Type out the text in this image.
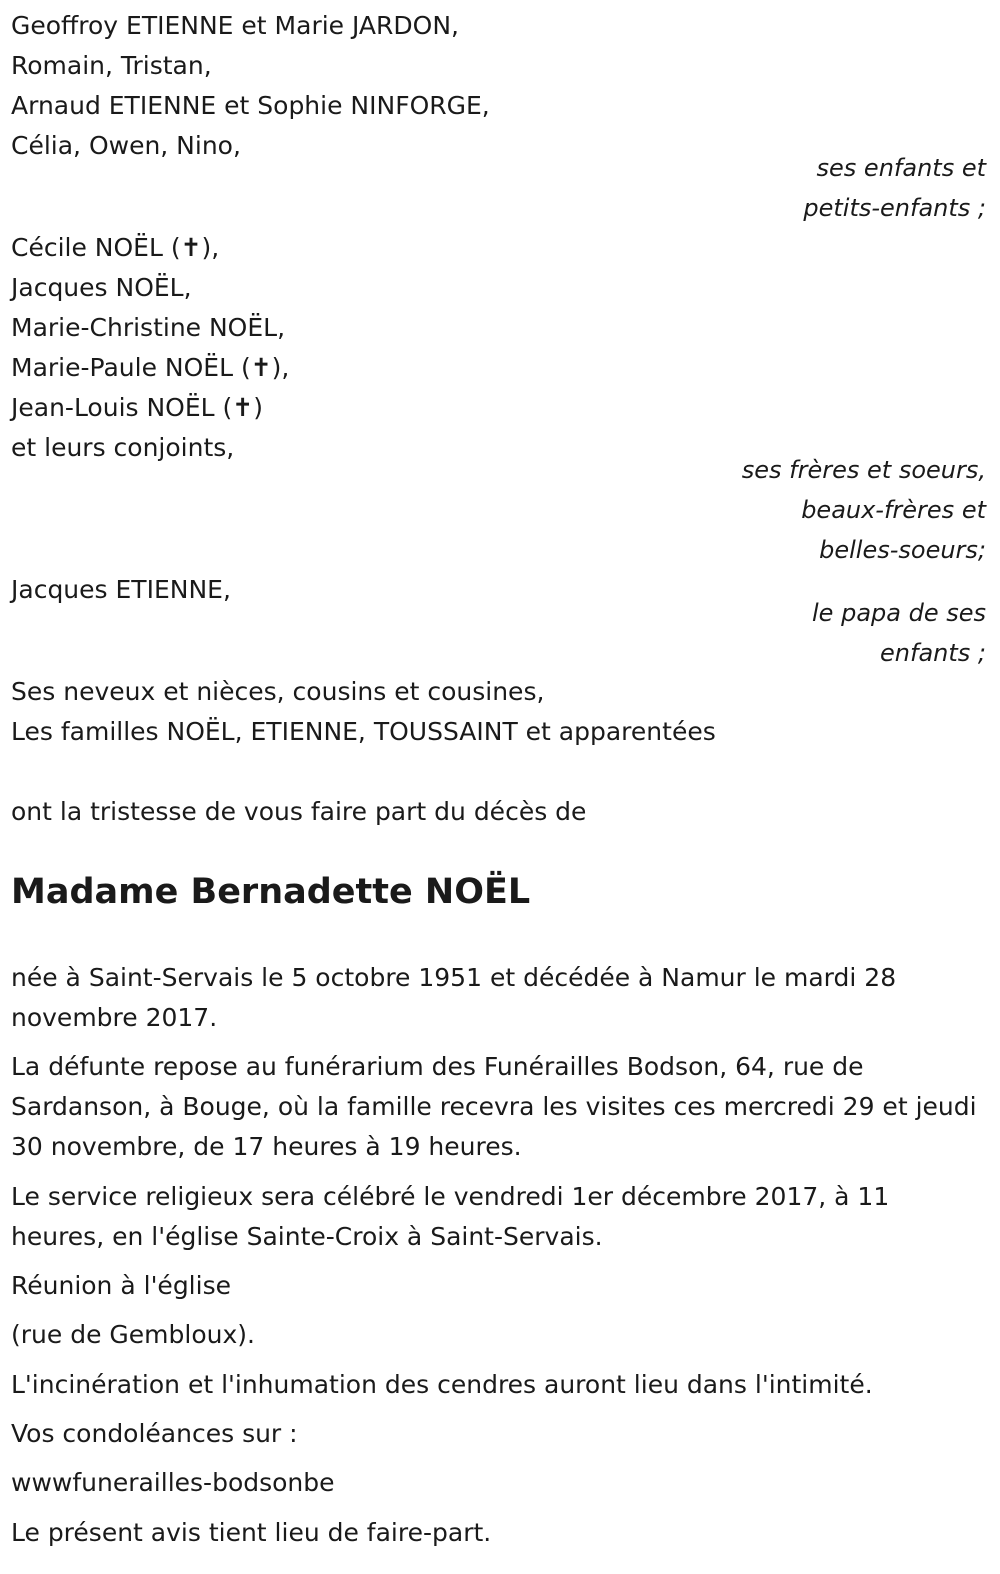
Geoffroy ETIENNE et Marie JARDON,
Romain, Tristan,
Arnaud ETIENNE et Sophie NINFORGE,
Célia, Owen, Nino,
ses enfants et
petits-enfants ;
Cécile NOËL (✝),
Jacques NOËL,
Marie-Christine NOËL,
Marie-Paule NOËL (✝),
Jean-Louis NOËL (✝)
et leurs conjoints,
ses frères et soeurs,
beaux-frères et
belles-soeurs;
Jacques ETIENNE,
le papa de ses
enfants ;
Ses neveux et nièces, cousins et cousines,
Les familles NOËL, ETIENNE, TOUSSAINT et apparentées
ont la tristesse de vous faire part du décès de
Madame Bernadette NOËL
née à Saint-Servais le 5 octobre 1951 et décédée à Namur le mardi 28 novembre 2017.
La défunte repose au funérarium des Funérailles Bodson, 64, rue de Sardanson, à Bouge, où la famille recevra les visites ces mercredi 29 et jeudi 30 novembre, de 17 heures à 19 heures.
Le service religieux sera célébré le vendredi 1er décembre 2017, à 11 heures, en l'église Sainte-Croix à Saint-Servais.
Réunion à l'église
(rue de Gembloux).
L'incinération et l'inhumation des cendres auront lieu dans l'intimité.
Vos condoléances sur :
wwwfunerailles-bodsonbe
Le présent avis tient lieu de faire-part.
